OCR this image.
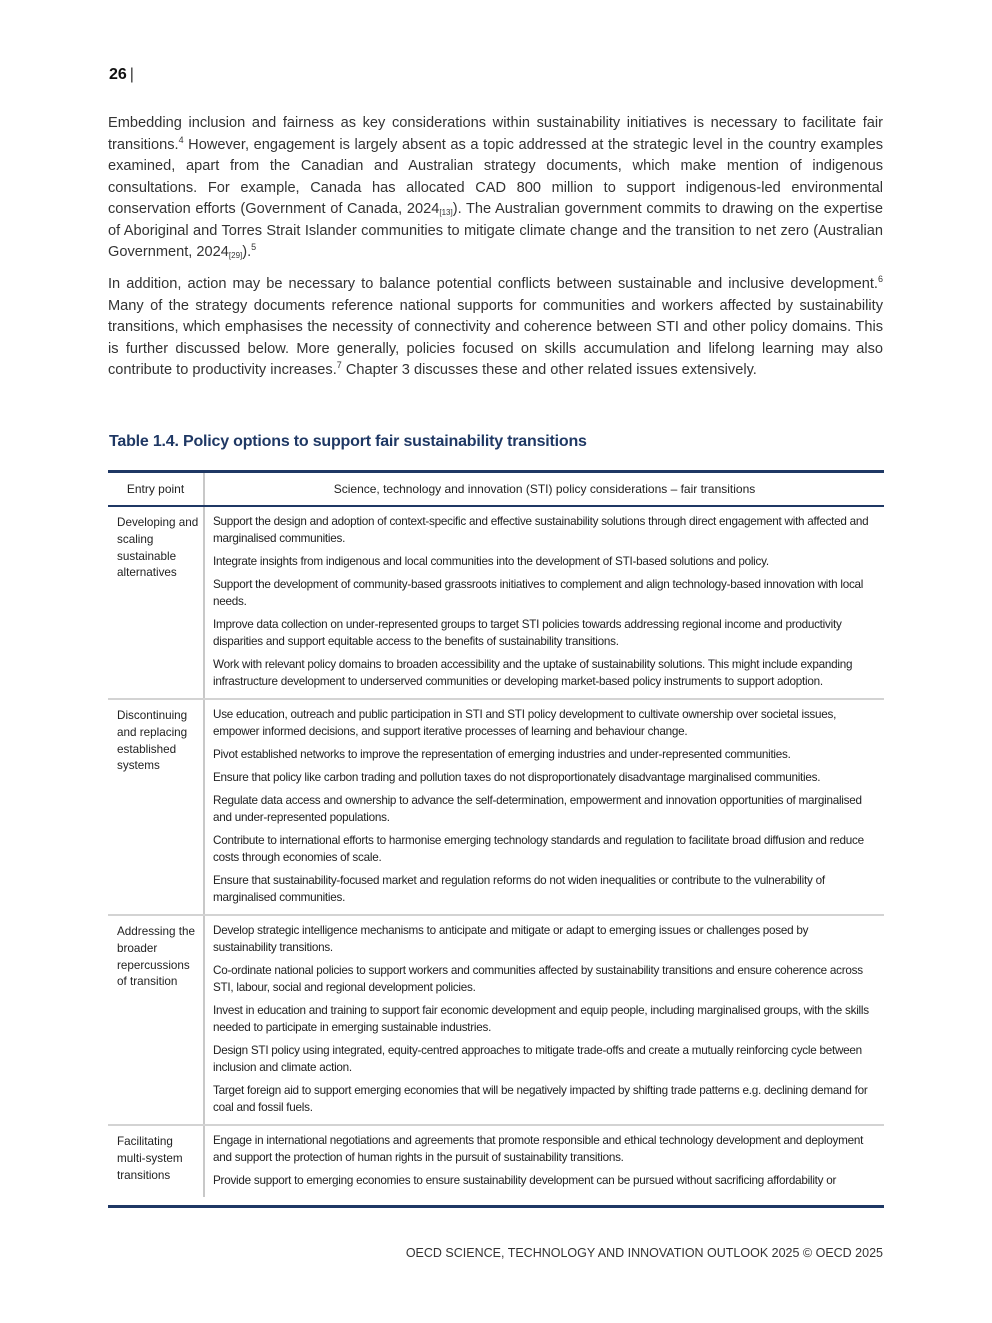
26 |
Embedding inclusion and fairness as key considerations within sustainability initiatives is necessary to facilitate fair transitions.$^4$ However, engagement is largely absent as a topic addressed at the strategic level in the country examples examined, apart from the Canadian and Australian strategy documents, which make mention of indigenous consultations. For example, Canada has allocated CAD 800 million to support indigenous-led environmental conservation efforts (Government of Canada, $2024_{[13]}$). The Australian government commits to drawing on the expertise of Aboriginal and Torres Strait Islander communities to mitigate climate change and the transition to net zero (Australian Government, $2024_{[29]}).^5$
In addition, action may be necessary to balance potential conflicts between sustainable and inclusive development.$^6$ Many of the strategy documents reference national supports for communities and workers affected by sustainability transitions, which emphasises the necessity of connectivity and coherence between STI and other policy domains. This is further discussed below. More generally, policies focused on skills accumulation and lifelong learning may also contribute to productivity increases.$^7$ Chapter 3 discusses these and other related issues extensively.
Table 1.4. Policy options to support fair sustainability transitions
Entry point	Science, technology and innovation (STI) policy considerations – fair transitions
Developing and scaling sustainable alternatives	Support the design and adoption of context-specific and effective sustainability solutions through direct engagement with affected and marginalised communities.
Integrate insights from indigenous and local communities into the development of STI-based solutions and policy.
Support the development of community-based grassroots initiatives to complement and align technology-based innovation with local needs.
Improve data collection on under-represented groups to target STI policies towards addressing regional income and productivity disparities and support equitable access to the benefits of sustainability transitions.
Work with relevant policy domains to broaden accessibility and the uptake of sustainability solutions. This might include expanding infrastructure development to underserved communities or developing market-based policy instruments to support adoption.

Discontinuing and replacing established systems	
Use education, outreach and public participation in STI and STI policy development to cultivate ownership over societal issues, empower informed decisions, and support iterative processes of learning and behaviour change.
Pivot established networks to improve the representation of emerging industries and under-represented communities.
Ensure that policy like carbon trading and pollution taxes do not disproportionately disadvantage marginalised communities.
Regulate data access and ownership to advance the self-determination, empowerment and innovation opportunities of marginalised and under-represented populations.
Contribute to international efforts to harmonise emerging technology standards and regulation to facilitate broad diffusion and reduce costs through economies of scale.
Ensure that sustainability-focused market and regulation reforms do not widen inequalities or contribute to the vulnerability of marginalised communities.

Addressing the broader repercussions of transition	Develop strategic intelligence mechanisms to anticipate and mitigate or adapt to emerging issues or challenges posed by sustainability transitions.
Co-ordinate national policies to support workers and communities affected by sustainability transitions and ensure coherence across STI, labour, social and regional development policies.
Invest in education and training to support fair economic development and equip people, including marginalised groups, with the skills needed to participate in emerging sustainable industries.
Design STI policy using integrated, equity-centred approaches to mitigate trade-offs and create a mutually reinforcing cycle between inclusion and climate action.
Target foreign aid to support emerging economies that will be negatively impacted by shifting trade patterns e.g. declining demand for coal and fossil fuels.

Facilitating multi-system transitions	Engage in international negotiations and agreements that promote responsible and ethical technology development and deployment and support the protection of human rights in the pursuit of sustainability transitions.
Provide support to emerging economies to ensure sustainability development can be pursued without sacrificing affordability or
OECD SCIENCE, TECHNOLOGY AND INNOVATION OUTLOOK 2025 © OECD 2025
